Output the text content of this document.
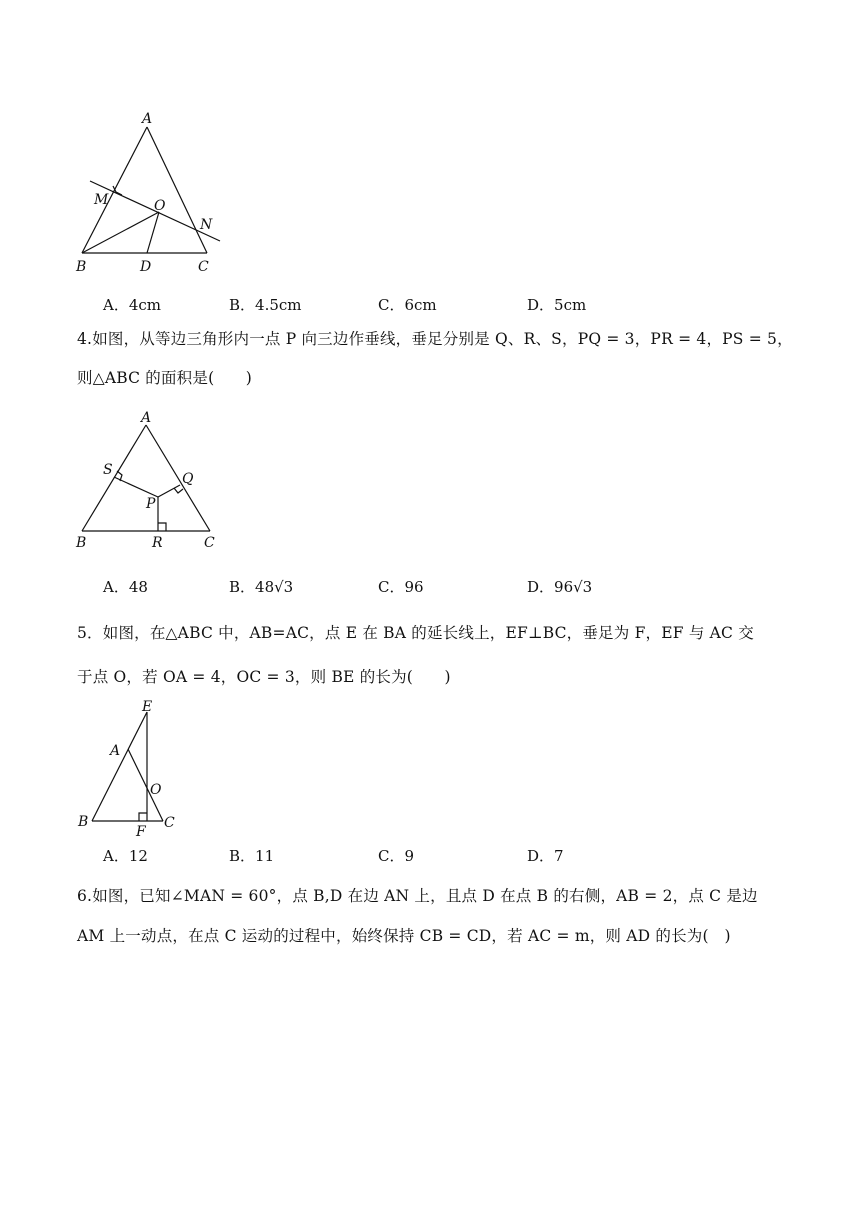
A
M	O
N
B	D	C
A．4cm	B．4.5cm	C．6cm	D．5cm
4.如图，从等边三角形内一点 P 向三边作垂线，垂足分别是 Q、R、S，PQ = 3，PR = 4，PS = 5，
则△ABC 的面积是(　　)
A
S
Q
P
B	R	C
A．48	B．48√3	C．96	D．96√3
5．如图，在△ABC 中，AB=AC，点 E 在 BA 的延长线上，EF⊥BC，垂足为 F，EF 与 AC 交
于点 O，若 OA = 4，OC = 3，则 BE 的长为(　　)
E
A
O
B
F
C
A．12	B．11	C．9	D．7
6.如图，已知∠MAN = 60°，点 B,D 在边 AN 上，且点 D 在点 B 的右侧，AB = 2，点 C 是边
AM 上一动点，在点 C 运动的过程中，始终保持 CB = CD，若 AC = m，则 AD 的长为(　)
